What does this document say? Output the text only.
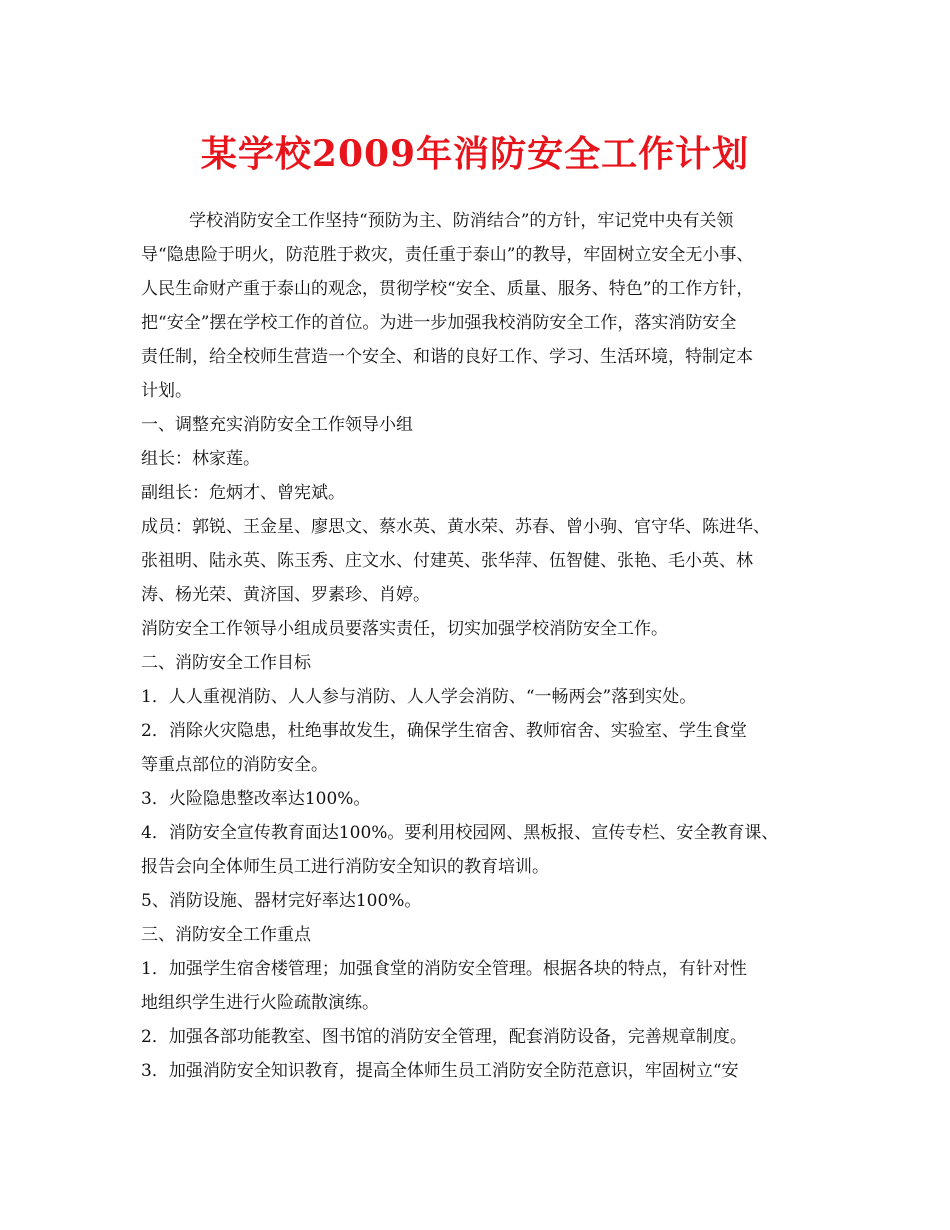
某学校2009年消防安全工作计划
学校消防安全工作坚持“预防为主、防消结合”的方针，牢记党中央有关领
导“隐患险于明火，防范胜于救灾，责任重于泰山”的教导，牢固树立安全无小事、
人民生命财产重于泰山的观念，贯彻学校“安全、质量、服务、特色”的工作方针，
把“安全”摆在学校工作的首位。为进一步加强我校消防安全工作，落实消防安全
责任制，给全校师生营造一个安全、和谐的良好工作、学习、生活环境，特制定本
计划。
一、调整充实消防安全工作领导小组
组长：林家莲。
副组长：危炳才、曾宪斌。
成员：郭锐、王金星、廖思文、蔡水英、黄水荣、苏春、曾小驹、官守华、陈进华、
张祖明、陆永英、陈玉秀、庄文水、付建英、张华萍、伍智健、张艳、毛小英、林
涛、杨光荣、黄济国、罗素珍、肖婷。
消防安全工作领导小组成员要落实责任，切实加强学校消防安全工作。
二、消防安全工作目标
1．人人重视消防、人人参与消防、人人学会消防、“一畅两会”落到实处。
2．消除火灾隐患，杜绝事故发生，确保学生宿舍、教师宿舍、实验室、学生食堂
等重点部位的消防安全。
3．火险隐患整改率达100%。
4．消防安全宣传教育面达100%。要利用校园网、黑板报、宣传专栏、安全教育课、
报告会向全体师生员工进行消防安全知识的教育培训。
5、消防设施、器材完好率达100%。
三、消防安全工作重点
1．加强学生宿舍楼管理；加强食堂的消防安全管理。根据各块的特点，有针对性
地组织学生进行火险疏散演练。
2．加强各部功能教室、图书馆的消防安全管理，配套消防设备，完善规章制度。
3．加强消防安全知识教育，提高全体师生员工消防安全防范意识，牢固树立“安
